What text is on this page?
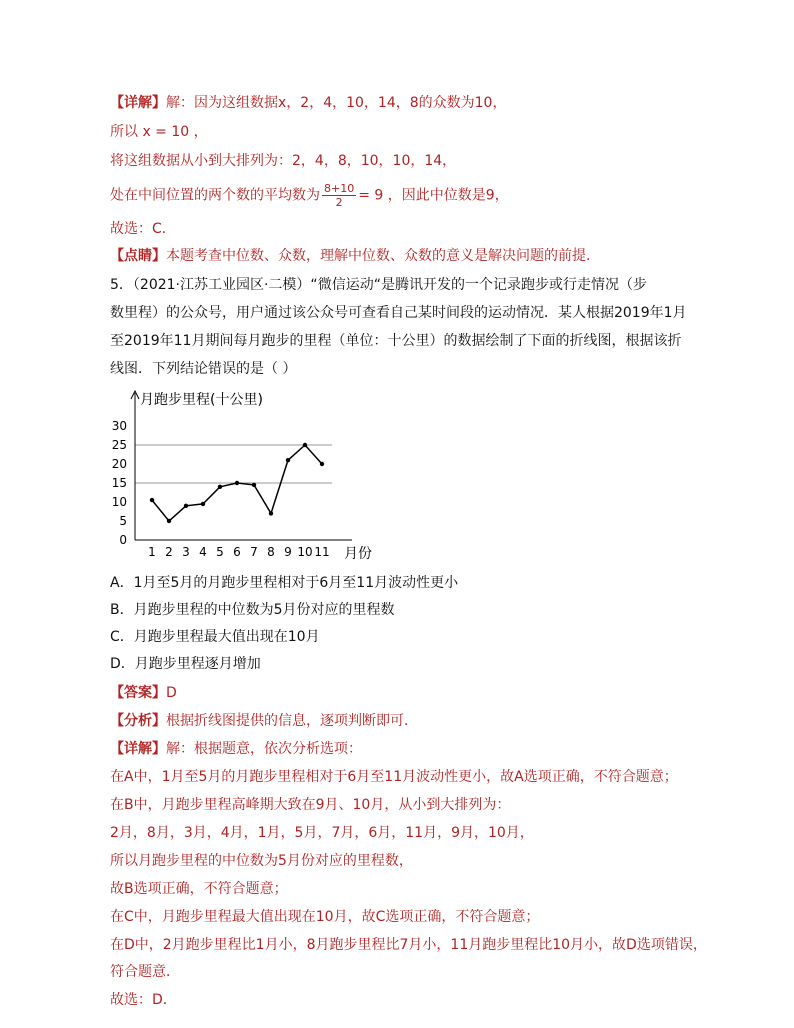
【详解】解：因为这组数据x，2，4，10，14，8的众数为10，
所以 x = 10 ，
将这组数据从小到大排列为：2，4，8，10，10，14，
处在中间位置的两个数的平均数为 $\frac{8+10}{2} = 9$ ，因此中位数是9，
故选：C．
【点睛】本题考查中位数、众数，理解中位数、众数的意义是解决问题的前提．
5．（2021·江苏工业园区·二模）“微信运动“是腾讯开发的一个记录跑步或行走情况（步
数里程）的公众号，用户通过该公众号可查看自己某时间段的运动情况．某人根据2019年1月
至2019年11月期间每月跑步的里程（单位：十公里）的数据绘制了下面的折线图，根据该折
线图．下列结论错误的是（ ）
月跑步里程(十公里)
0
5
10
15
20
25
30
1 2 3 4 5 6 7 8 9 10 11 月份
A．1月至5月的月跑步里程相对于6月至11月波动性更小
B．月跑步里程的中位数为5月份对应的里程数
C．月跑步里程最大值出现在10月
D．月跑步里程逐月增加
【答案】D
【分析】根据折线图提供的信息，逐项判断即可．
【详解】解：根据题意，依次分析选项：
在A中，1月至5月的月跑步里程相对于6月至11月波动性更小，故A选项正确，不符合题意；
在B中，月跑步里程高峰期大致在9月、10月，从小到大排列为：
2月，8月，3月，4月，1月，5月，7月，6月，11月，9月，10月，
所以月跑步里程的中位数为5月份对应的里程数，
故B选项正确，不符合题意；
在C中，月跑步里程最大值出现在10月，故C选项正确，不符合题意；
在D中，2月跑步里程比1月小，8月跑步里程比7月小，11月跑步里程比10月小，故D选项错误，
符合题意．
故选：D．
